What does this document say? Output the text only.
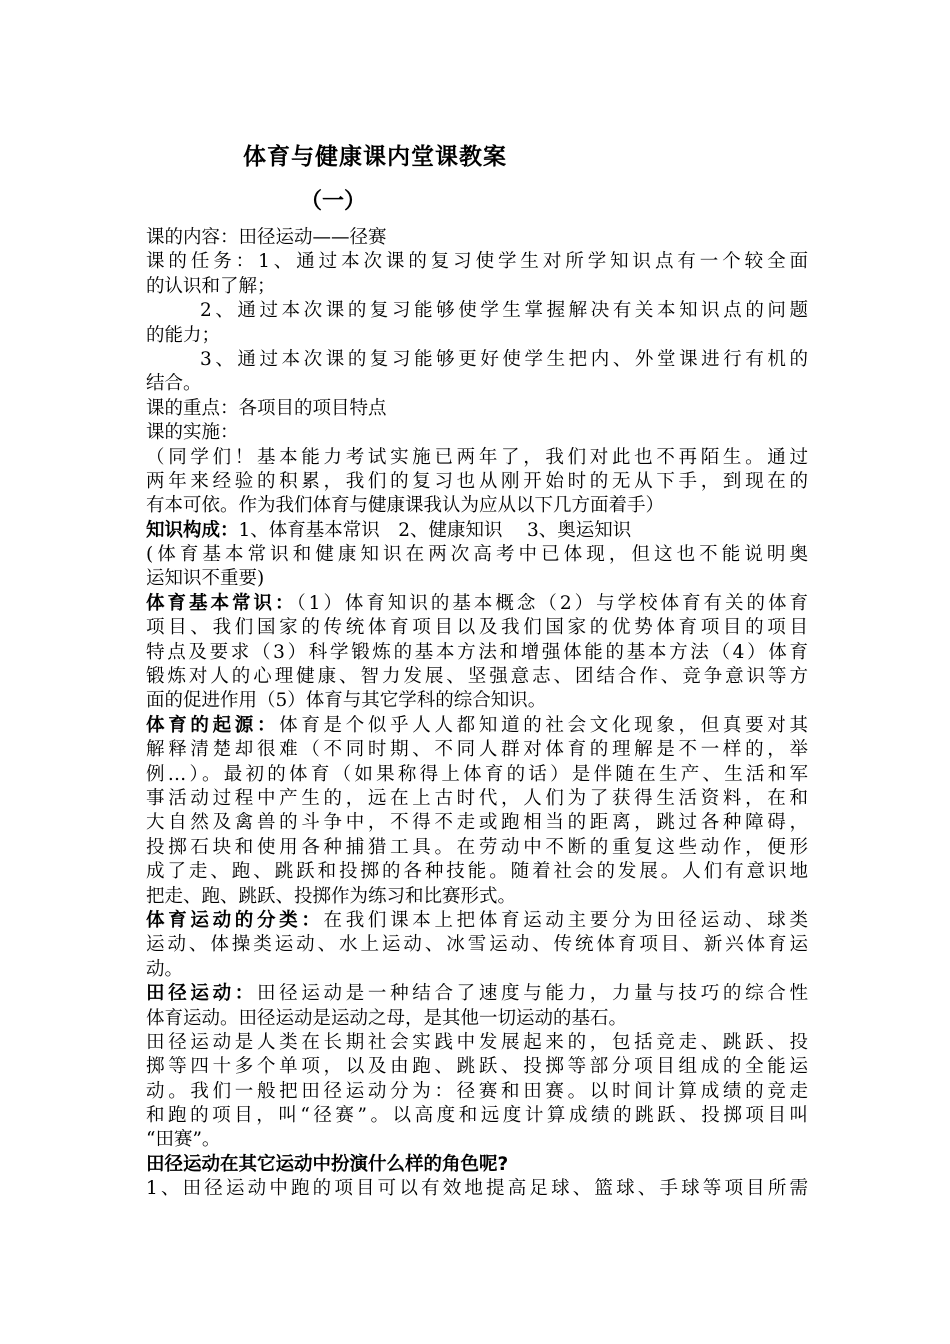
体育与健康课内堂课教案
（一）
课的内容：田径运动——径赛
课的任务：1、通过本次课的复习使学生对所学知识点有一个较全面
的认识和了解；
2、通过本次课的复习能够使学生掌握解决有关本知识点的问题
的能力；
3、通过本次课的复习能够更好使学生把内、外堂课进行有机的
结合。
课的重点：各项目的项目特点
课的实施：
（同学们！基本能力考试实施已两年了，我们对此也不再陌生。通过
两年来经验的积累，我们的复习也从刚开始时的无从下手，到现在的
有本可依。作为我们体育与健康课我认为应从以下几方面着手）
知识构成：1、体育基本常识　2、健康知识　 3、奥运知识
(体育基本常识和健康知识在两次高考中已体现，但这也不能说明奥
运知识不重要)
体育基本常识：（1）体育知识的基本概念（2）与学校体育有关的体育
项目、我们国家的传统体育项目以及我们国家的优势体育项目的项目
特点及要求（3）科学锻炼的基本方法和增强体能的基本方法（4）体育
锻炼对人的心理健康、智力发展、坚强意志、团结合作、竞争意识等方
面的促进作用（5）体育与其它学科的综合知识。
体育的起源：体育是个似乎人人都知道的社会文化现象，但真要对其
解释清楚却很难（不同时期、不同人群对体育的理解是不一样的，举
例…）。最初的体育（如果称得上体育的话）是伴随在生产、生活和军
事活动过程中产生的，远在上古时代，人们为了获得生活资料，在和
大自然及禽兽的斗争中，不得不走或跑相当的距离，跳过各种障碍，
投掷石块和使用各种捕猎工具。在劳动中不断的重复这些动作，便形
成了走、跑、跳跃和投掷的各种技能。随着社会的发展。人们有意识地
把走、跑、跳跃、投掷作为练习和比赛形式。
体育运动的分类：在我们课本上把体育运动主要分为田径运动、球类
运动、体操类运动、水上运动、冰雪运动、传统体育项目、新兴体育运
动。
田径运动：田径运动是一种结合了速度与能力，力量与技巧的综合性
体育运动。田径运动是运动之母，是其他一切运动的基石。
田径运动是人类在长期社会实践中发展起来的，包括竞走、跳跃、投
掷等四十多个单项，以及由跑、跳跃、投掷等部分项目组成的全能运
动。我们一般把田径运动分为：径赛和田赛。以时间计算成绩的竞走
和跑的项目，叫“径赛”。以高度和远度计算成绩的跳跃、投掷项目叫
“田赛”。
田径运动在其它运动中扮演什么样的角色呢?
1、田径运动中跑的项目可以有效地提高足球、篮球、手球等项目所需
